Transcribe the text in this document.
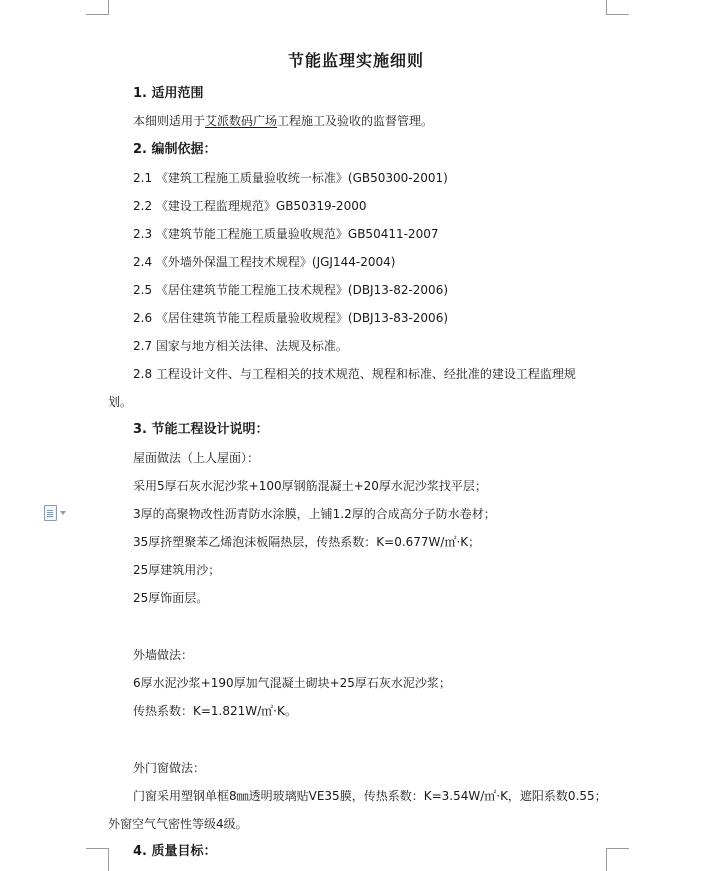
节能监理实施细则
1. 适用范围
本细则适用于艾派数码广场工程施工及验收的监督管理。
2. 编制依据：
2.1 《建筑工程施工质量验收统一标准》(GB50300-2001)
2.2 《建设工程监理规范》GB50319-2000
2.3 《建筑节能工程施工质量验收规范》GB50411-2007
2.4 《外墙外保温工程技术规程》(JGJ144-2004)
2.5 《居住建筑节能工程施工技术规程》(DBJ13-82-2006)
2.6 《居住建筑节能工程质量验收规程》(DBJ13-83-2006)
2.7 国家与地方相关法律、法规及标准。
2.8 工程设计文件、与工程相关的技术规范、规程和标准、经批准的建设工程监理规
划。
3. 节能工程设计说明：
屋面做法（上人屋面）：
采用5厚石灰水泥沙浆+100厚钢筋混凝土+20厚水泥沙浆找平层；
3厚的高聚物改性沥青防水涂膜，上铺1.2厚的合成高分子防水卷材；
35厚挤塑聚苯乙烯泡沫板隔热层，传热系数：K=0.677W/㎡·K；
25厚建筑用沙；
25厚饰面层。
外墙做法：
6厚水泥沙浆+190厚加气混凝土砌块+25厚石灰水泥沙浆；
传热系数：K=1.821W/㎡·K。
外门窗做法：
门窗采用塑钢单框8㎜透明玻璃贴VE35膜，传热系数：K=3.54W/㎡·K，遮阳系数0.55；
外窗空气气密性等级4级。
4. 质量目标：
